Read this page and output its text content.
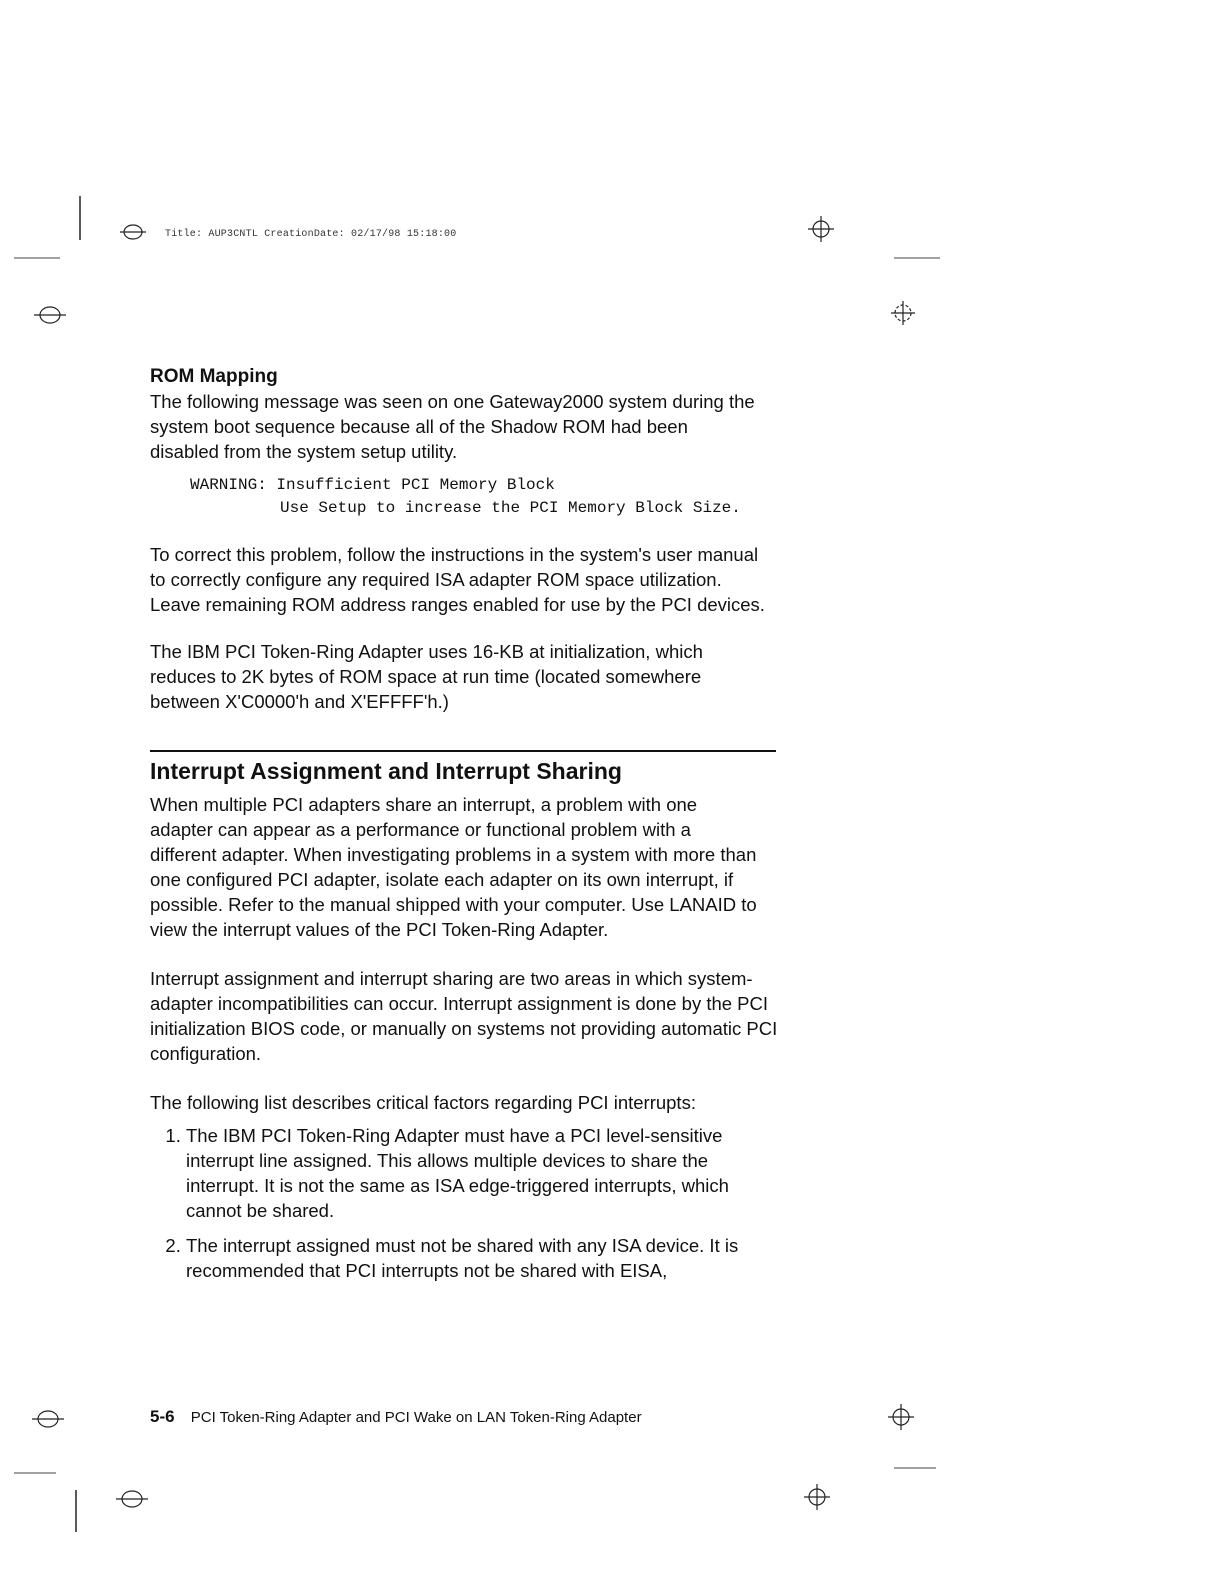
Title: AUP3CNTL CreationDate: 02/17/98 15:18:00
ROM Mapping

The following message was seen on one Gateway2000 system during the system boot sequence because all of the Shadow ROM had been disabled from the system setup utility.

WARNING: Insufficient PCI Memory Block
Use Setup to increase the PCI Memory Block Size.

To correct this problem, follow the instructions in the system's user manual to correctly configure any required ISA adapter ROM space utilization. Leave remaining ROM address ranges enabled for use by the PCI devices.

The IBM PCI Token-Ring Adapter uses 16-KB at initialization, which reduces to 2K bytes of ROM space at run time (located somewhere between X'C0000'h and X'EFFFF'h.)

Interrupt Assignment and Interrupt Sharing

When multiple PCI adapters share an interrupt, a problem with one adapter can appear as a performance or functional problem with a different adapter. When investigating problems in a system with more than one configured PCI adapter, isolate each adapter on its own interrupt, if possible. Refer to the manual shipped with your computer. Use LANAID to view the interrupt values of the PCI Token-Ring Adapter.

Interrupt assignment and interrupt sharing are two areas in which system-adapter incompatibilities can occur. Interrupt assignment is done by the PCI initialization BIOS code, or manually on systems not providing automatic PCI configuration.

The following list describes critical factors regarding PCI interrupts:

1. The IBM PCI Token-Ring Adapter must have a PCI level-sensitive interrupt line assigned. This allows multiple devices to share the interrupt. It is not the same as ISA edge-triggered interrupts, which cannot be shared.
2. The interrupt assigned must not be shared with any ISA device. It is recommended that PCI interrupts not be shared with EISA,
5-6 PCI Token-Ring Adapter and PCI Wake on LAN Token-Ring Adapter
